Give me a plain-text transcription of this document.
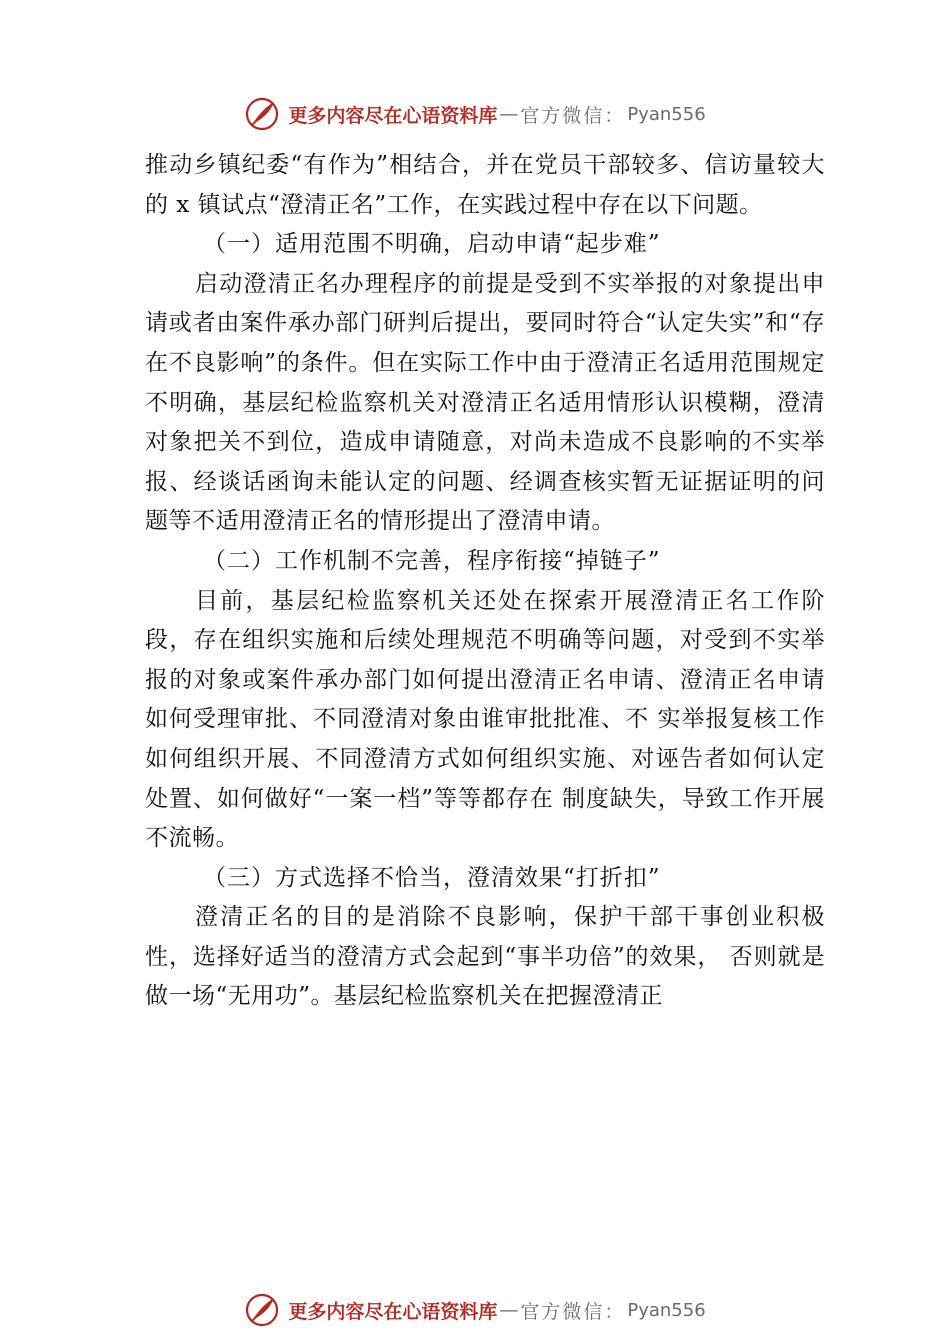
更多内容尽在心语资料库 — 官方微信： Pyan556

推动乡镇纪委“有作为”相结合，并在党员干部较多、信访量较大的 x 镇试点“澄清正名”工作，在实践过程中存在以下问题。

（一）适用范围不明确，启动申请“起步难”

启动澄清正名办理程序的前提是受到不实举报的对象提出申请或者由案件承办部门研判后提出，要同时符合“认定失实”和“存在不良影响”的条件。但在实际工作中由于澄清正名适用范围规定不明确，基层纪检监察机关对澄清正名适用情形认识模糊，澄清对象把关不到位，造成申请随意，对尚未造成不良影响的不实举报、经谈话函询未能认定的问题、经调查核实暂无证据证明的问题等不适用澄清正名的情形提出了澄清申请。

（二）工作机制不完善，程序衔接“掉链子”

目前，基层纪检监察机关还处在探索开展澄清正名工作阶段，存在组织实施和后续处理规范不明确等问题，对受到不实举报的对象或案件承办部门如何提出澄清正名申请、澄清正名申请如何受理审批、不同澄清对象由谁审批批准、不 实举报复核工作如何组织开展、不同澄清方式如何组织实施、对诬告者如何认定处置、如何做好“一案一档”等等都存在 制度缺失，导致工作开展不流畅。

（三）方式选择不恰当，澄清效果“打折扣”

澄清正名的目的是消除不良影响，保护干部干事创业积极性，选择好适当的澄清方式会起到“事半功倍”的效果， 否则就是做一场“无用功”。基层纪检监察机关在把握澄清正

更多内容尽在心语资料库 — 官方微信： Pyan556
